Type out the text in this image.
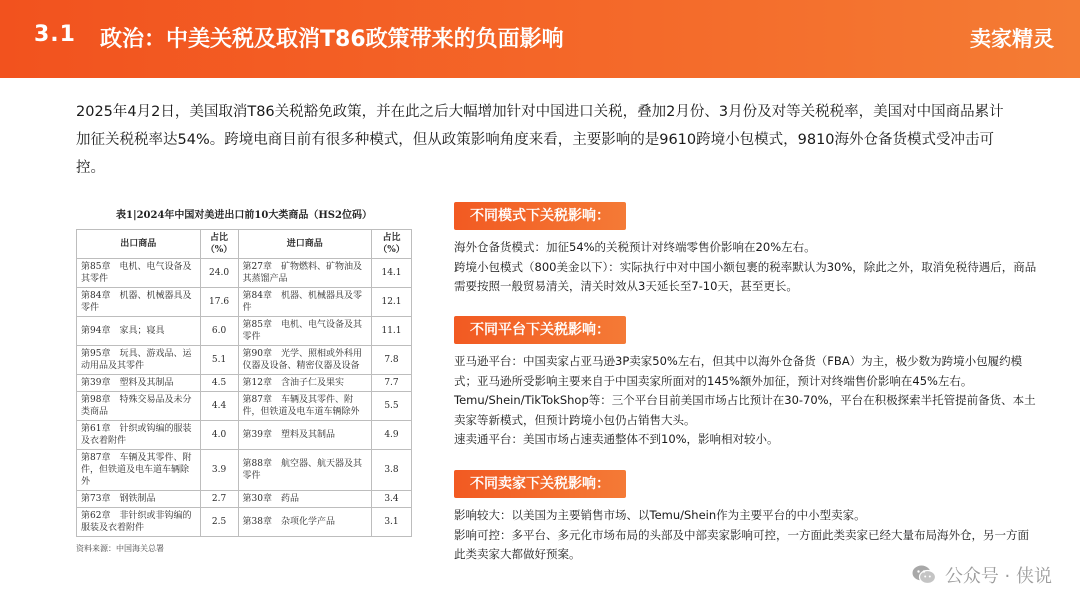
3.1 政治：中美关税及取消T86政策带来的负面影响	卖家精灵
2025年4月2日，美国取消T86关税豁免政策，并在此之后大幅增加针对中国进口关税，叠加2月份、3月份及对等关税税率，美国对中国商品累计加征关税税率达54%。跨境电商目前有很多种模式，但从政策影响角度来看，主要影响的是9610跨境小包模式，9810海外仓备货模式受冲击可控。
表1|2024年中国对美进出口前10大类商品（HS2位码）
出口商品	占比（%）	进口商品	占比（%）
第85章　电机、电气设备及其零件	24.0	第27章　矿物燃料、矿物油及其蒸馏产品	14.1
第84章　机器、机械器具及零件	17.6	第84章　机器、机械器具及零件	12.1
第94章　家具；寝具	6.0	第85章　电机、电气设备及其零件	11.1
第95章　玩具、游戏品、运动用品及其零件	5.1	第90章　光学、照相或外科用仪器及设备、精密仪器及设备	7.8
第39章　塑料及其制品	4.5	第12章　含油子仁及果实	7.7
第98章　特殊交易品及未分类商品	4.4	第87章　车辆及其零件、附件，但铁道及电车道车辆除外	5.5
第61章　针织或钩编的服装及衣着附件	4.0	第39章　塑料及其制品	4.9
第87章　车辆及其零件、附件，但铁道及电车道车辆除外	3.9	第88章　航空器、航天器及其零件	3.8
第73章　钢铁制品	2.7	第30章　药品	3.4
第62章　非针织或非钩编的服装及衣着附件	2.5	第38章　杂项化学产品	3.1
资料来源：中国海关总署
不同模式下关税影响：

海外仓备货模式：加征54%的关税预计对终端零售价影响在20%左右。

跨境小包模式（800美金以下）：实际执行中对中国小额包裹的税率默认为30%，除此之外，取消免税待遇后，商品需要按照一般贸易清关，清关时效从3天延长至7-10天，甚至更长。

不同平台下关税影响：

亚马逊平台：中国卖家占亚马逊3P卖家50%左右，但其中以海外仓备货（FBA）为主，极少数为跨境小包履约模式；亚马逊所受影响主要来自于中国卖家所面对的145%额外加征，预计对终端售价影响在45%左右。

Temu/Shein/TikTokShop等：三个平台目前美国市场占比预计在30-70%，平台在积极探索半托管提前备货、本土卖家等新模式，但预计跨境小包仍占销售大头。

速卖通平台：美国市场占速卖通整体不到10%，影响相对较小。

不同卖家下关税影响：

影响较大：以美国为主要销售市场、以Temu/Shein作为主要平台的中小型卖家。

影响可控：多平台、多元化市场布局的头部及中部卖家影响可控，一方面此类卖家已经大量布局海外仓，另一方面此类卖家大都做好预案。

公众号 · 侠说
